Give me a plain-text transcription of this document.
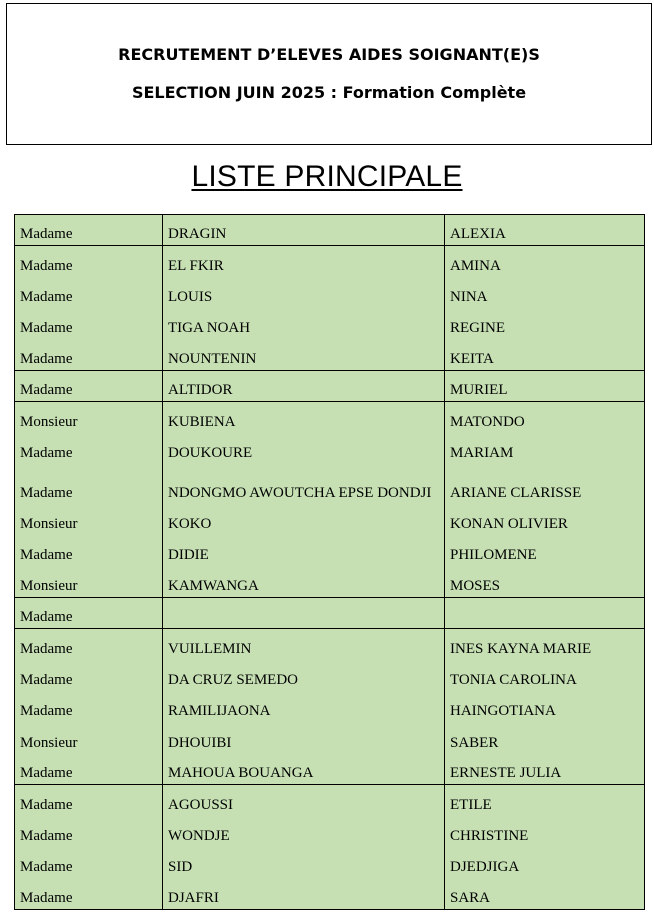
RECRUTEMENT D’ELEVES AIDES SOIGNANT(E)S
SELECTION JUIN 2025 : Formation Complète
LISTE PRINCIPALE
Madame	DRAGIN	ALEXIA

Madame	EL FKIR	AMINA

Madame	LOUIS	NINA

Madame	TIGA NOAH	REGINE

Madame	NOUNTENIN	KEITA

Madame	ALTIDOR	MURIEL

Monsieur	KUBIENA	MATONDO

Madame	DOUKOURE	MARIAM

Madame	NDONGMO AWOUTCHA EPSE DONDJI	ARIANE CLARISSE

Monsieur	KOKO	KONAN OLIVIER

Madame	DIDIE	PHILOMENE

Monsieur	KAMWANGA	MOSES

Madame		

Madame	VUILLEMIN	INES KAYNA MARIE

Madame	DA CRUZ SEMEDO	TONIA CAROLINA

Madame	RAMILIJAONA	HAINGOTIANA

Monsieur	DHOUIBI	SABER

Madame	MAHOUA BOUANGA	ERNESTE JULIA

Madame	AGOUSSI	ETILE

Madame	WONDJE	CHRISTINE

Madame	SID	DJEDJIGA

Madame	DJAFRI	SARA
